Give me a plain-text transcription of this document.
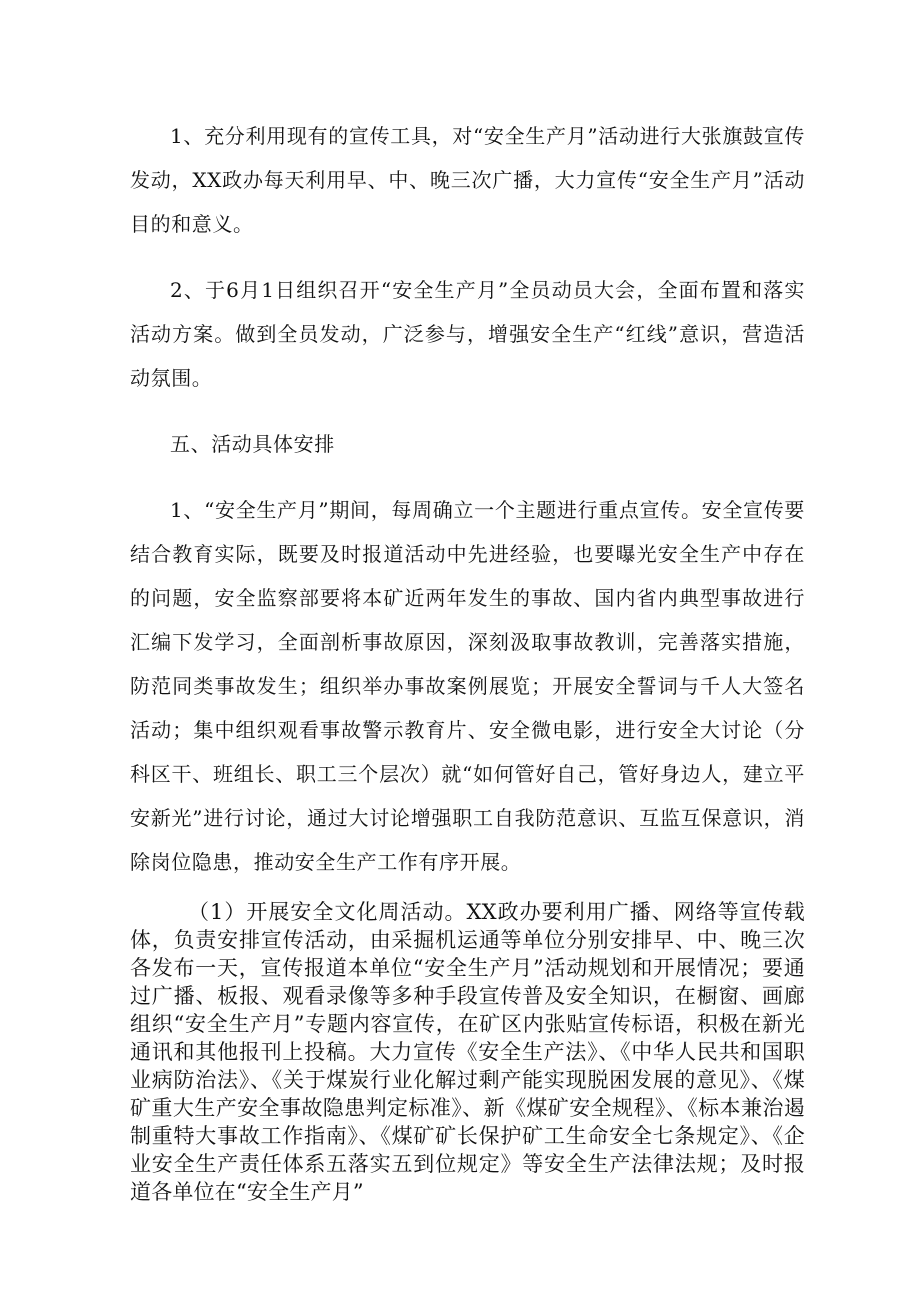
1、充分利用现有的宣传工具，对“安全生产月”活动进行大张旗鼓宣传发动，XX政办每天利用早、中、晚三次广播，大力宣传“安全生产月”活动目的和意义。

2、于6月1日组织召开“安全生产月”全员动员大会，全面布置和落实活动方案。做到全员发动，广泛参与，增强安全生产“红线”意识，营造活动氛围。

五、活动具体安排

1、“安全生产月”期间，每周确立一个主题进行重点宣传。安全宣传要结合教育实际，既要及时报道活动中先进经验，也要曝光安全生产中存在的问题，安全监察部要将本矿近两年发生的事故、国内省内典型事故进行汇编下发学习，全面剖析事故原因，深刻汲取事故教训，完善落实措施，防范同类事故发生；组织举办事故案例展览；开展安全誓词与千人大签名活动；集中组织观看事故警示教育片、安全微电影，进行安全大讨论（分科区干、班组长、职工三个层次）就“如何管好自己，管好身边人，建立平安新光”进行讨论，通过大讨论增强职工自我防范意识、互监互保意识，消除岗位隐患，推动安全生产工作有序开展。

（1）开展安全文化周活动。XX政办要利用广播、网络等宣传载体，负责安排宣传活动，由采掘机运通等单位分别安排早、中、晚三次各发布一天，宣传报道本单位“安全生产月”活动规划和开展情况；要通过广播、板报、观看录像等多种手段宣传普及安全知识，在橱窗、画廊组织“安全生产月”专题内容宣传，在矿区内张贴宣传标语，积极在新光通讯和其他报刊上投稿。大力宣传《安全生产法》、《中华人民共和国职业病防治法》、《关于煤炭行业化解过剩产能实现脱困发展的意见》、《煤矿重大生产安全事故隐患判定标准》、新《煤矿安全规程》、《标本兼治遏制重特大事故工作指南》、《煤矿矿长保护矿工生命安全七条规定》、《企业安全生产责任体系五落实五到位规定》等安全生产法律法规；及时报道各单位在“安全生产月”
